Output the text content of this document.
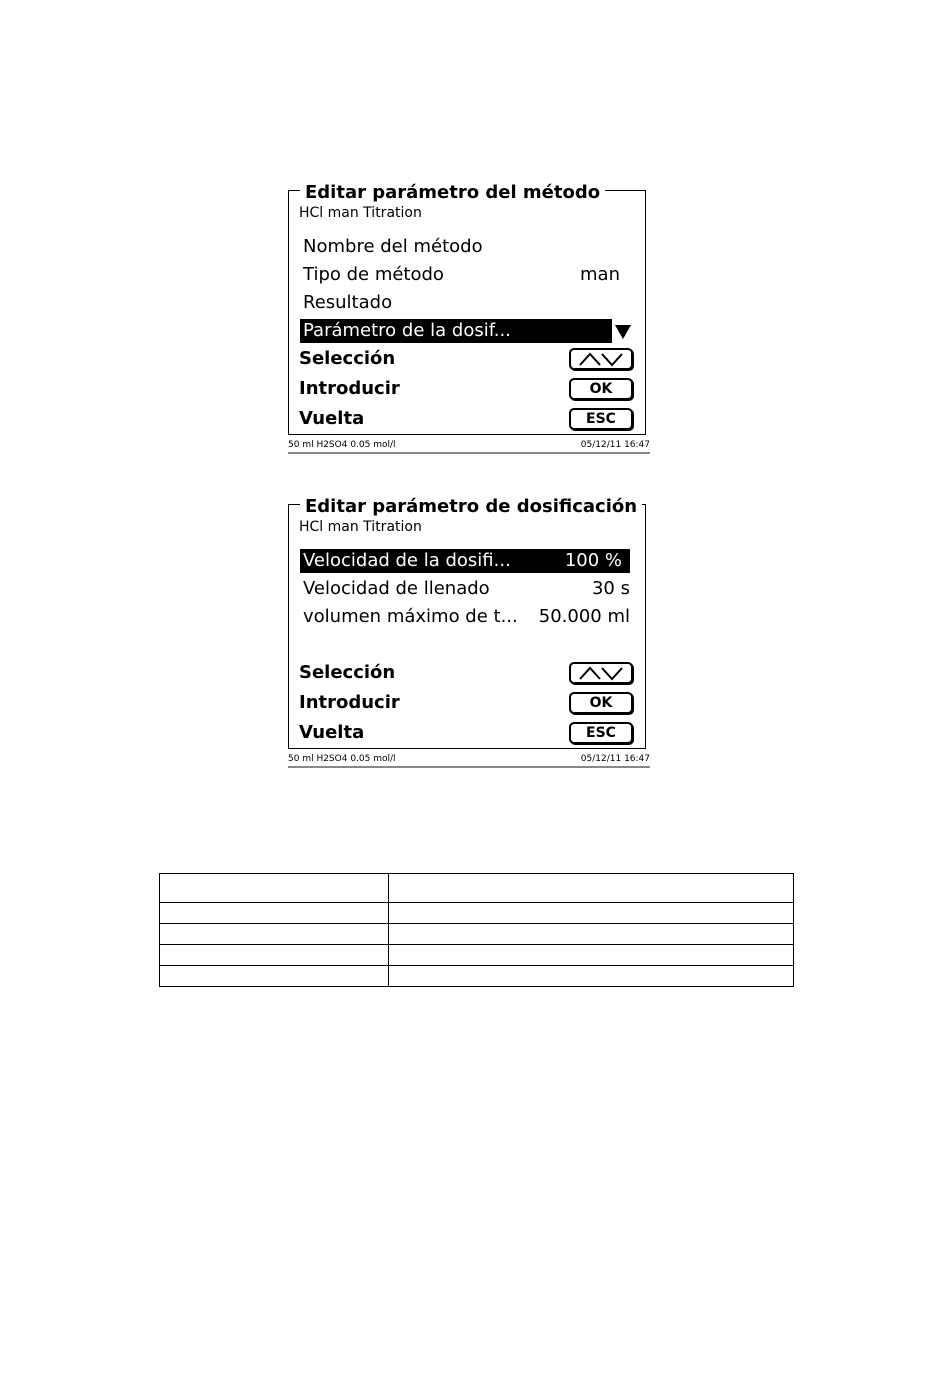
Editar parámetro del método
HCl man Titration
Nombre del método
Tipo de método	man
Resultado
Parámetro de la dosif...
Selección
Introducir	OK
Vuelta	ESC
50 ml H2SO4 0.05 mol/l	05/12/11 16:47
Editar parámetro de dosificación
HCl man Titration
Velocidad de la dosifi...	100 %
Velocidad de llenado	30 s
volumen máximo de t... 50.000 ml
Selección
Introducir	OK
Vuelta	ESC
50 ml H2SO4 0.05 mol/l	05/12/11 16:47
